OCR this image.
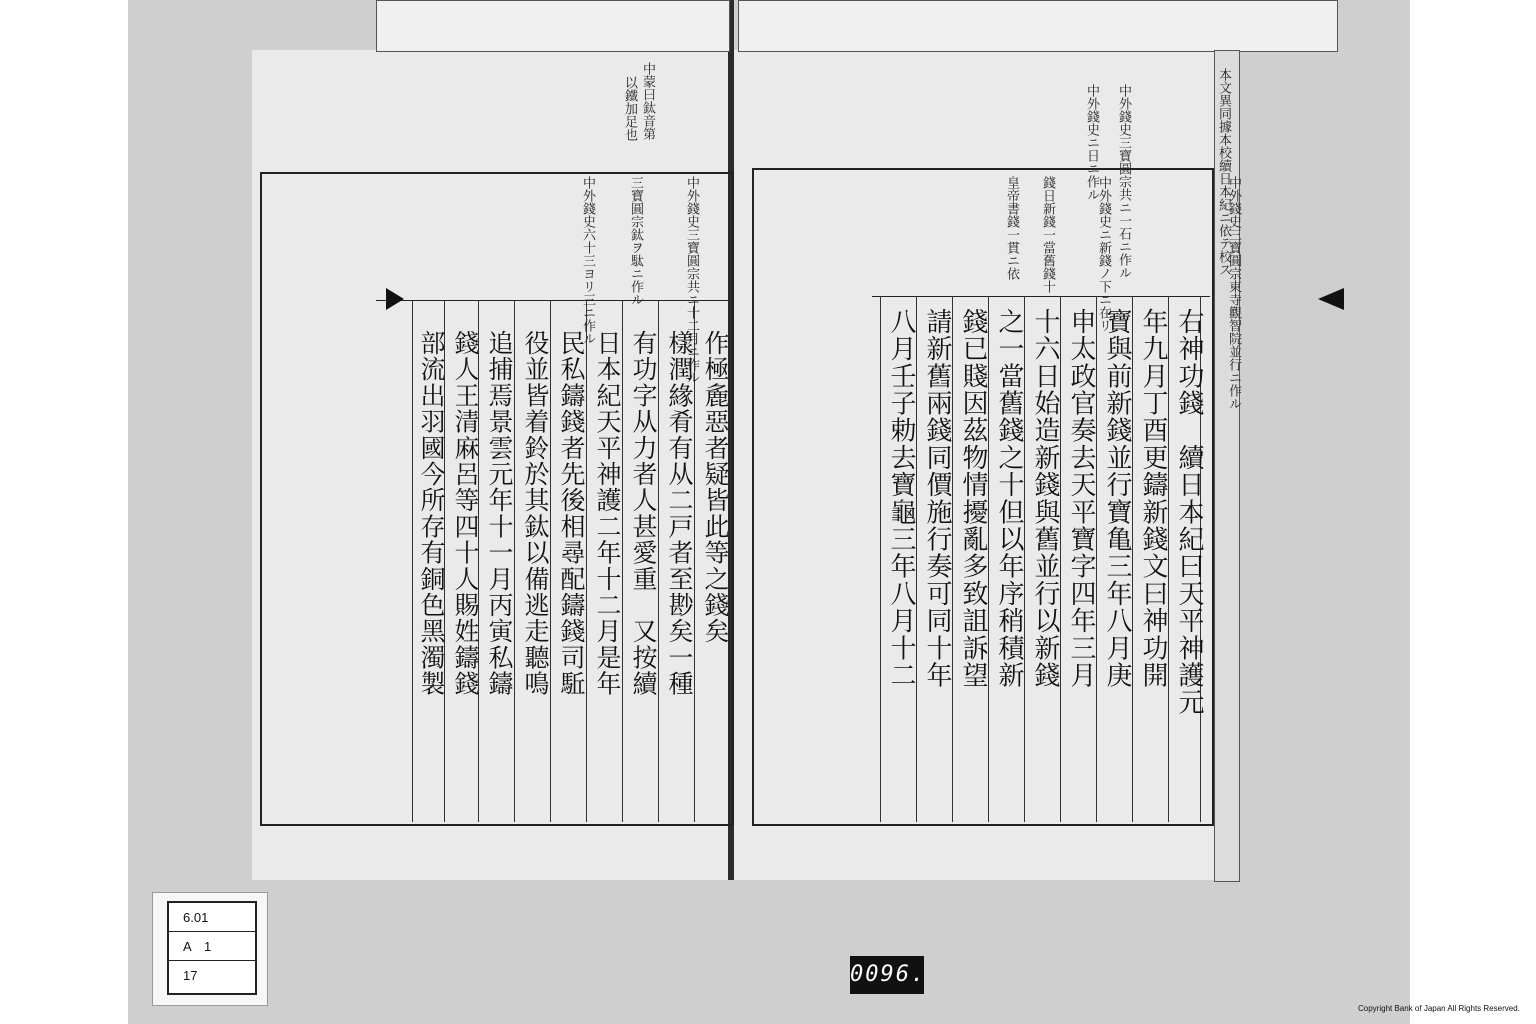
右神功錢　續日本紀曰天平神護元
年九月丁酉更鑄新錢文曰神功開
寶與前新錢並行寶亀三年八月庚
申太政官奏去天平寶字四年三月
十六日始造新錢與舊並行以新錢
之一當舊錢之十但以年序稍積新
錢已賤因茲物情擾亂多致詛訴望
請新舊兩錢同價施行奏可同十年
八月壬子勅去寶龜三年八月十二
本文異同據本校續日本紀ニ依テ校ス
中外錢史三寶圓宗共ニ一石ニ作ル
中外錢史ニ日ニ作ル
中外錢史三寶圓宗東寺觀智院並行ニ作ル
中外錢史ニ新錢ノ下ニ在リ
錢日新錢一當舊錢十
皇帝書錢一貫ニ依
樣潤緣肴有从二戸者至尠矣一種
有功字从力者人甚愛重　又按續
日本紀天平神護二年十二月是年
民私鑄錢者先後相尋配鑄錢司駈
役並皆着鈴於其鈦以備逃走聽鳴
追捕焉景雲元年十一月丙寅私鑄
錢人王清麻呂等四十人賜姓鑄錢
部流出羽國今所存有銅色黑濁製	作極麁惡者疑皆此等之錢矣
中蒙曰鈦音第
以鐵加足也
中外錢史三寶圓宗共ニ十二月ニ作ル
三寶圓宗鈦ヲ駄ニ作ル
中外錢史六十三ヨリ三ニ作ル
6.01
A　1
17	0096.
Copyright Bank of Japan All Rights Reserved.
